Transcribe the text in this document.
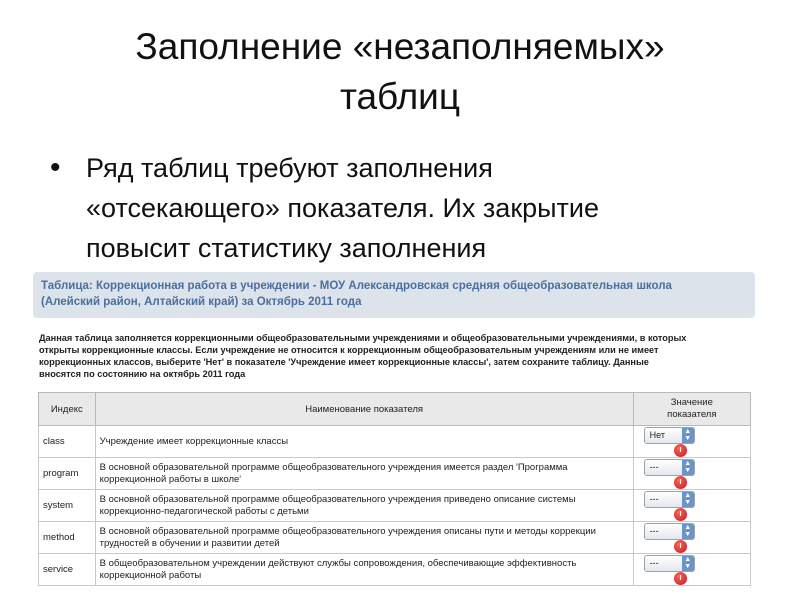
Заполнение «незаполняемых»
таблиц
• Ряд таблиц требуют заполнения
«отсекающего» показателя. Их закрытие
повысит статистику заполнения
Таблица: Коррекционная работа в учреждении - МОУ Александровская средняя общеобразовательная школа
(Алейский район, Алтайский край) за Октябрь 2011 года
Данная таблица заполняется коррекционными общеобразовательными учреждениями и общеобразовательными учреждениями, в которых
открыты коррекционные классы. Если учреждение не относится к коррекционным общеобразовательным учреждениям или не имеет
коррекционных классов, выберите 'Нет' в показателе 'Учреждение имеет коррекционные классы', затем сохраните таблицу. Данные
вносятся по состоянию на октябрь 2011 года
Индекс	Наименование показателя	Значение
показателя

class	Учреждение имеет коррекционные классы	Нет ▲
▼

program	В основной образовательной программе общеобразовательного учреждения имеется раздел 'Программа
коррекционной работы в школе'	--- ▲
▼

system	В основной образовательной программе общеобразовательного учреждения приведено описание системы
коррекционно-педагогической работы с детьми	--- ▲
▼

method	В основной образовательной программе общеобразовательного учреждения описаны пути и методы коррекции
трудностей в обучении и развитии детей	--- ▲
▼

service	В общеобразовательном учреждении действуют службы сопровождения, обеспечивающие эффективность
коррекционной работы	--- ▲
▼
